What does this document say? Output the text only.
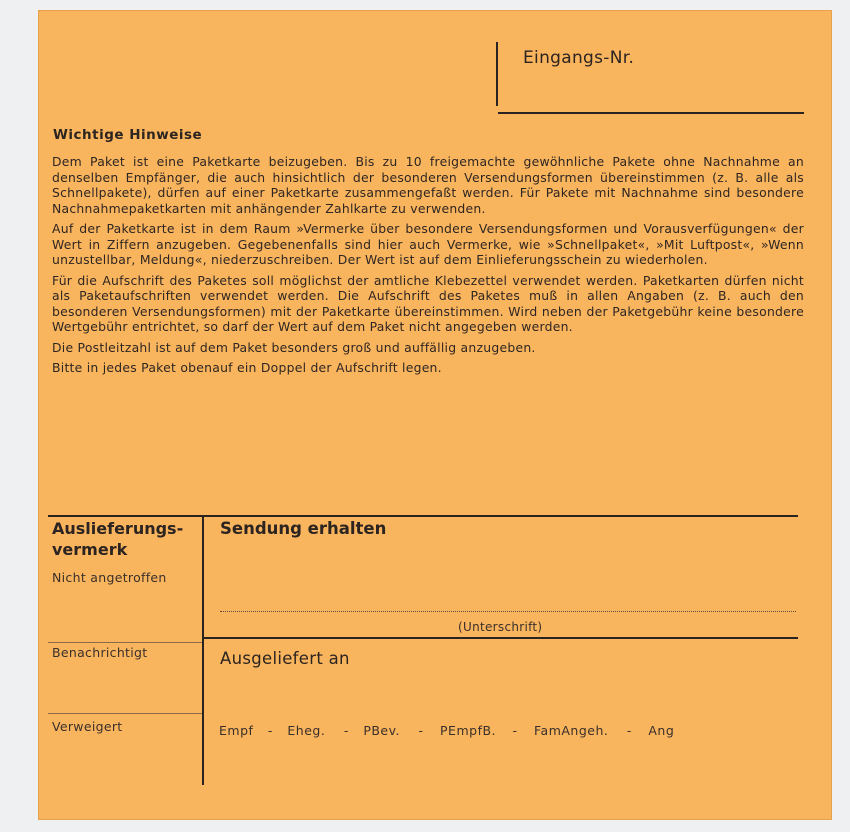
Eingangs-Nr.
Wichtige Hinweise

Dem Paket ist eine Paketkarte beizugeben. Bis zu 10 freigemachte gewöhnliche Pakete ohne Nachnahme an denselben Empfänger, die auch hinsichtlich der besonderen Versendungsformen übereinstimmen (z. B. alle als Schnellpakete), dürfen auf einer Paketkarte zusammengefaßt werden. Für Pakete mit Nachnahme sind besondere Nachnahmepaketkarten mit anhängender Zahlkarte zu verwenden.

Auf der Paketkarte ist in dem Raum »Vermerke über besondere Versendungsformen und Vorausverfügungen« der Wert in Ziffern anzugeben. Gegebenenfalls sind hier auch Vermerke, wie »Schnellpaket«, »Mit Luftpost«, »Wenn unzustellbar, Meldung«, niederzuschreiben. Der Wert ist auf dem Einlieferungsschein zu wiederholen.

Für die Aufschrift des Paketes soll möglichst der amtliche Klebezettel verwendet werden. Paketkarten dürfen nicht als Paketaufschriften verwendet werden. Die Aufschrift des Paketes muß in allen Angaben (z. B. auch den besonderen Versendungsformen) mit der Paketkarte übereinstimmen. Wird neben der Paketgebühr keine besondere Wertgebühr entrichtet, so darf der Wert auf dem Paket nicht angegeben werden.

Die Postleitzahl ist auf dem Paket besonders groß und auffällig anzugeben.

Bitte in jedes Paket obenauf ein Doppel der Aufschrift legen.

Auslieferungs-
vermerk
Nicht angetroffen
Benachrichtigt
Verweigert
Sendung erhalten
(Unterschrift)
Ausgeliefert an
Empf - Eheg. - PBev. - PEmpfB. - FamAngeh. - Ang
